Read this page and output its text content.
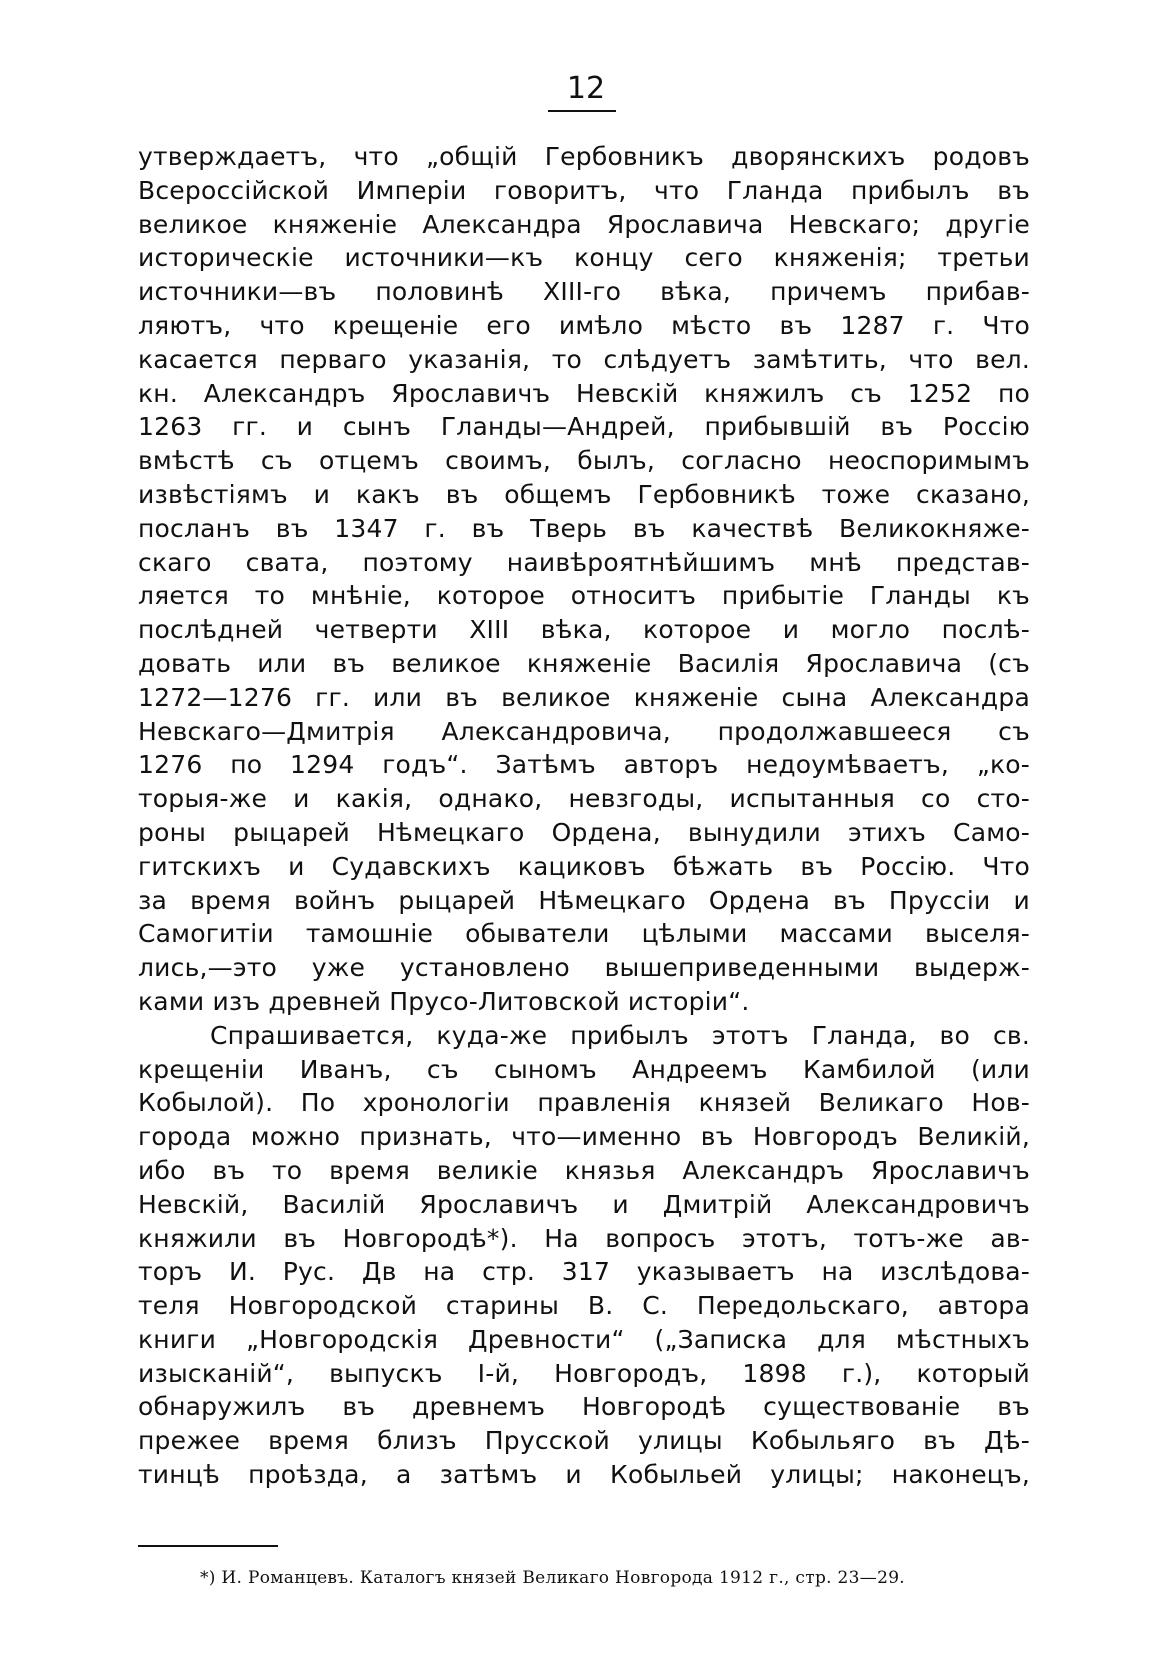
12
утверждаетъ, что „общій Гербовникъ дворянскихъ родовъ
Всероссійской Имперіи говоритъ, что Гланда прибылъ въ
великое княженіе Александра Ярославича Невскаго; другіе
историческіе источники—къ концу сего княженія; третьи
источники—въ половинѣ XIII-го вѣка, причемъ прибав-
ляютъ, что крещеніе его имѣло мѣсто въ 1287 г. Что
касается перваго указанія, то слѣдуетъ замѣтить, что вел.
кн. Александръ Ярославичъ Невскій княжилъ съ 1252 по
1263 гг. и сынъ Гланды—Андрей, прибывшій въ Россію
вмѣстѣ съ отцемъ своимъ, былъ, согласно неоспоримымъ
извѣстіямъ и какъ въ общемъ Гербовникѣ тоже сказано,
посланъ въ 1347 г. въ Тверь въ качествѣ Великокняже-
скаго свата, поэтому наивѣроятнѣйшимъ мнѣ представ-
ляется то мнѣніе, которое относитъ прибытіе Гланды къ
послѣдней четверти XIII вѣка, которое и могло послѣ-
довать или въ великое княженіе Василія Ярославича (съ
1272—1276 гг. или въ великое княженіе сына Александра
Невскаго—Дмитрія Александровича, продолжавшееся съ
1276 по 1294 годъ“. Затѣмъ авторъ недоумѣваетъ, „ко-
торыя-же и какія, однако, невзгоды, испытанныя со сто-
роны рыцарей Нѣмецкаго Ордена, вынудили этихъ Само-
гитскихъ и Судавскихъ кациковъ бѣжать въ Россію. Что
за время войнъ рыцарей Нѣмецкаго Ордена въ Пруссіи и
Самогитіи тамошніе обыватели цѣлыми массами выселя-
лись,—это уже установлено вышеприведенными выдерж-
ками изъ древней Прусо-Литовской исторіи“.
Спрашивается, куда-же прибылъ этотъ Гланда, во св.
крещеніи Иванъ, съ сыномъ Андреемъ Камбилой (или
Кобылой). По хронологіи правленія князей Великаго Нов-
города можно признать, что—именно въ Новгородъ Великій,
ибо въ то время великіе князья Александръ Ярославичъ
Невскій, Василій Ярославичъ и Дмитрій Александровичъ
княжили въ Новгородѣ*). На вопросъ этотъ, тотъ-же ав-
торъ И. Рус. Дв на стр. 317 указываетъ на изслѣдова-
теля Новгородской старины В. С. Передольскаго, автора
книги „Новгородскія Древности“ („Записка для мѣстныхъ
изысканій“, выпускъ I-й, Новгородъ, 1898 г.), который
обнаружилъ въ древнемъ Новгородѣ существованіе въ
прежее время близъ Прусской улицы Кобыльяго въ Дѣ-
тинцѣ проѣзда, а затѣмъ и Кобыльей улицы; наконецъ,
*) И. Романцевъ. Каталогъ князей Великаго Новгорода 1912 г., стр. 23—29.
